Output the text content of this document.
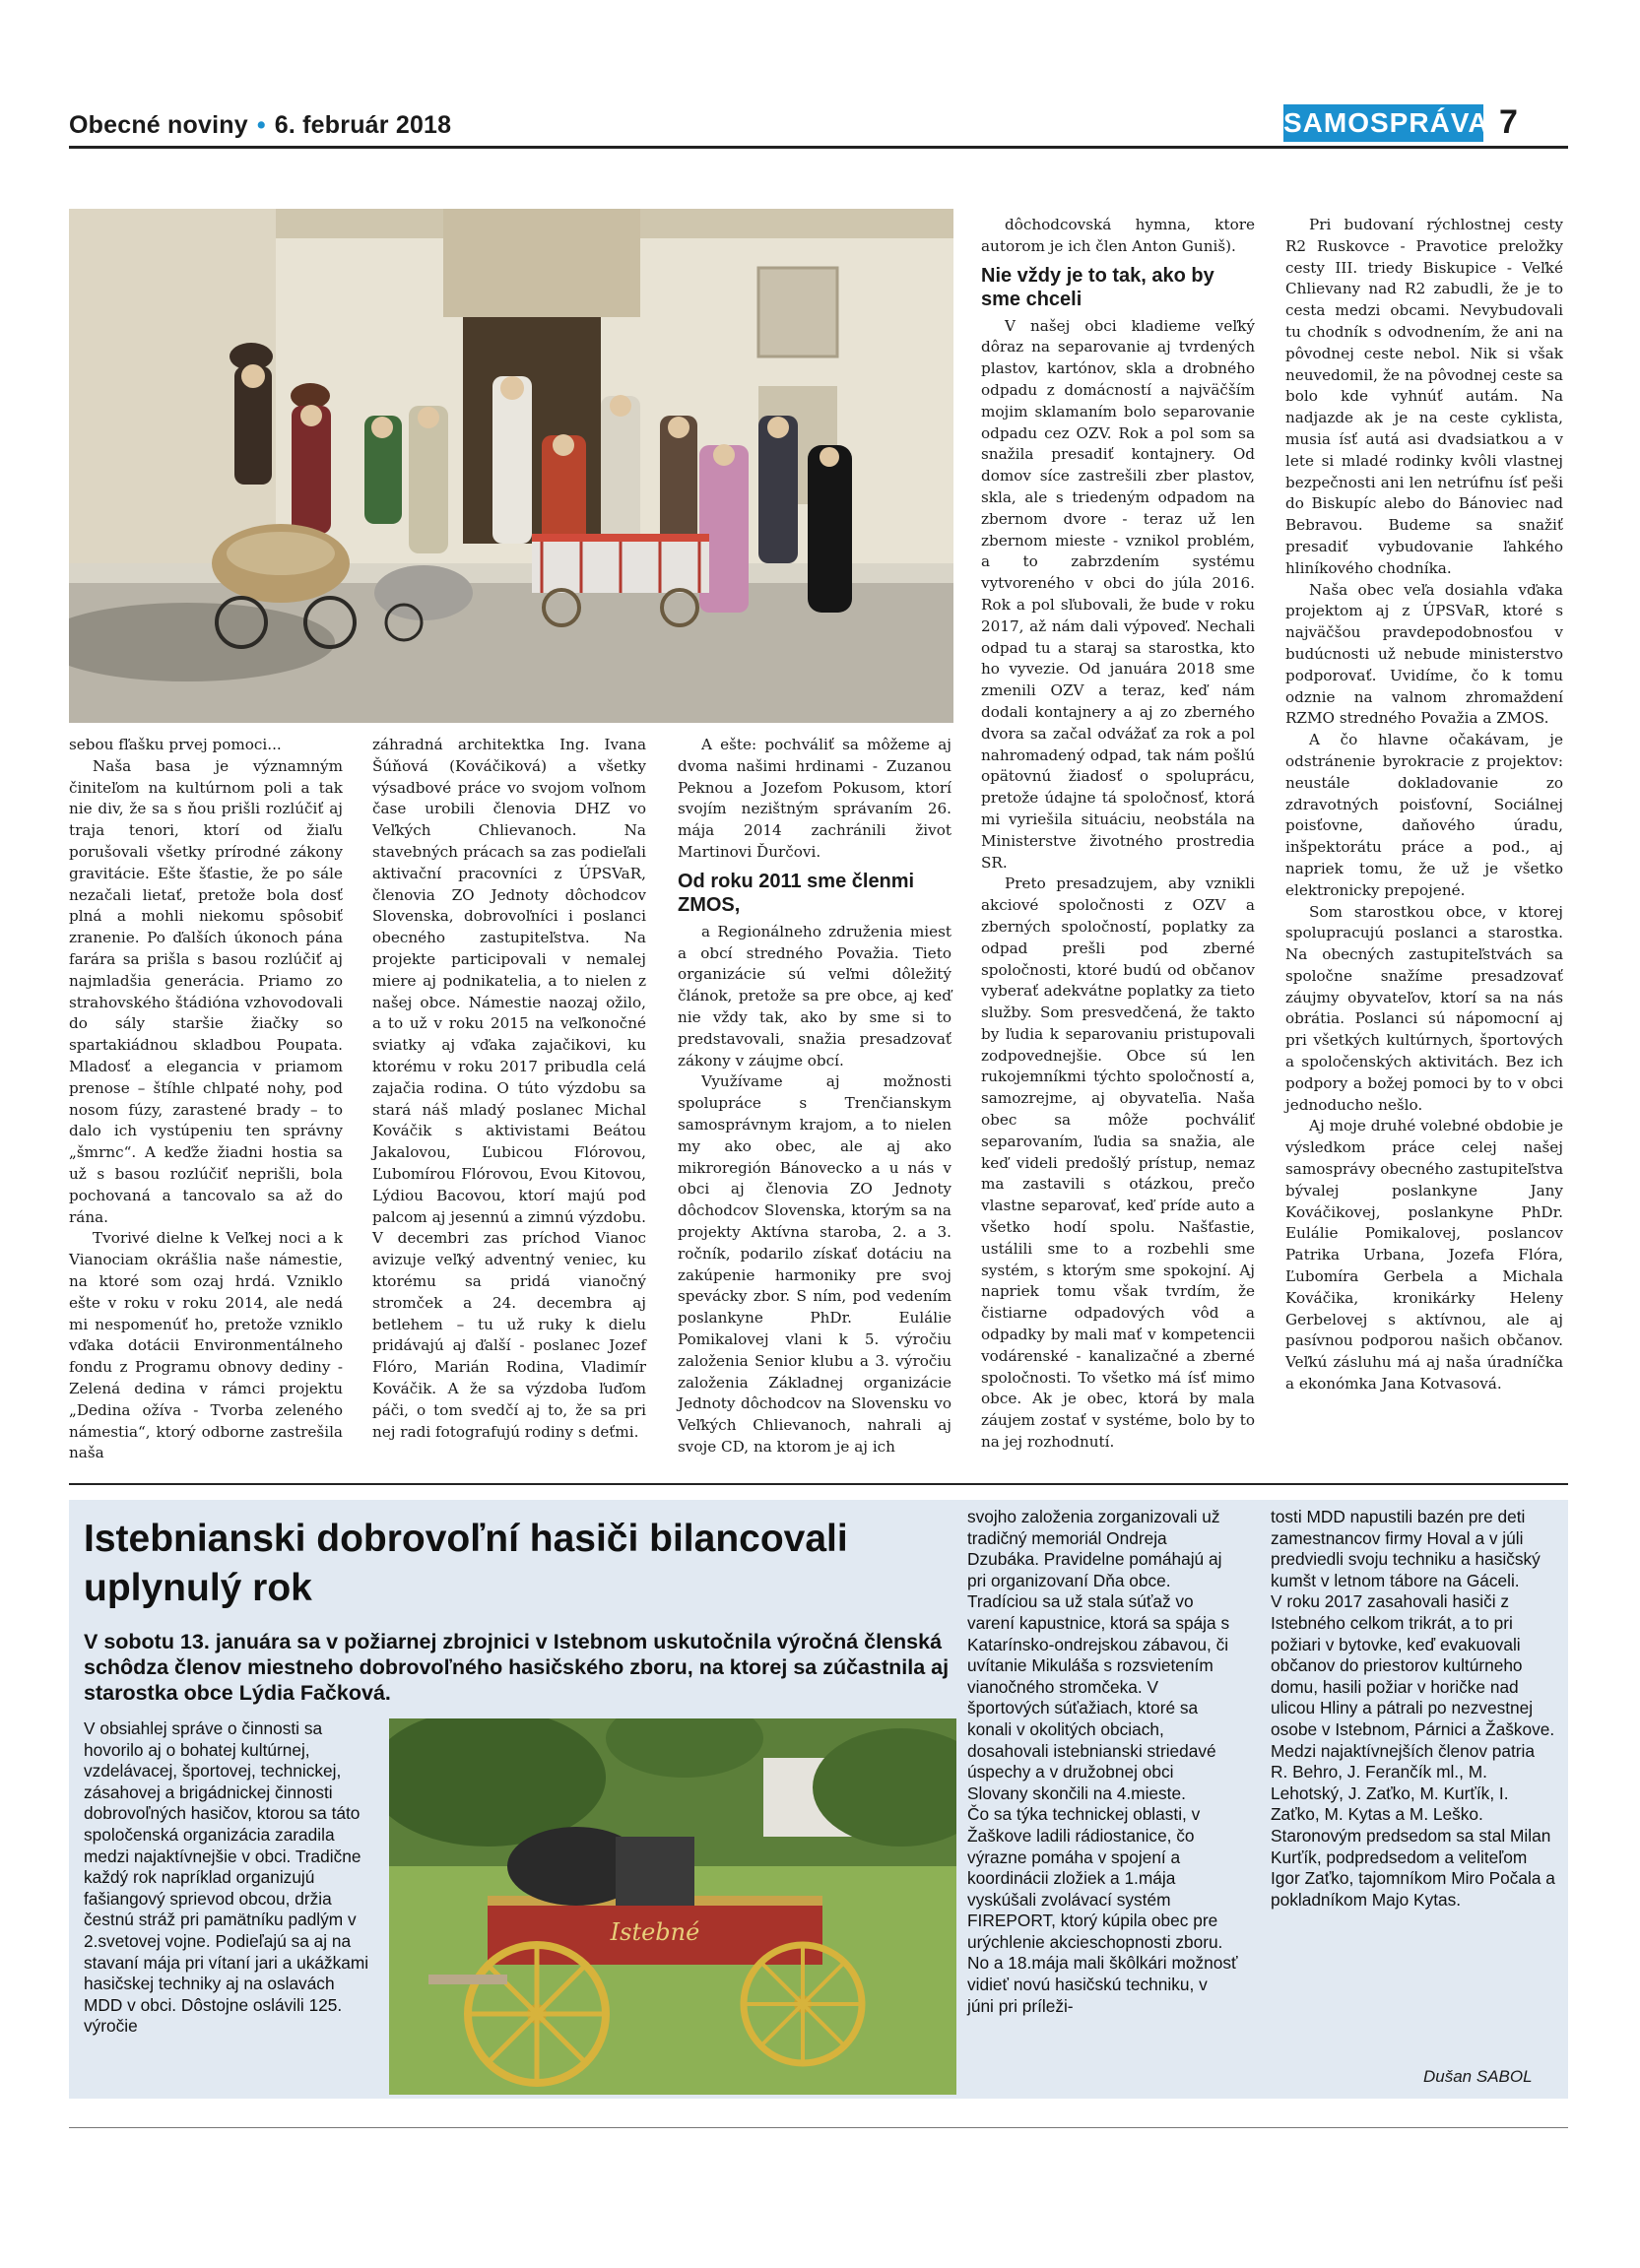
Obecné noviny • 6. február 2018	SAMOSPRÁVA 7

sebou fľašku prvej pomoci...

Naša basa je významným činiteľom na kultúrnom poli a tak nie div, že sa s ňou prišli rozlúčiť aj traja tenori, ktorí od žiaľu porušovali všetky prírodné zákony gravitácie. Ešte šťastie, že po sále nezačali lietať, pretože bola dosť plná a mohli niekomu spôsobiť zranenie. Po ďalších úkonoch pána farára sa prišla s basou rozlúčiť aj najmladšia generácia. Priamo zo strahovského štádióna vzhovodovali do sály staršie žiačky so spartakiádnou skladbou Poupata. Mladosť a elegancia v priamom prenose – štíhle chlpaté nohy, pod nosom fúzy, zarastené brady – to dalo ich vystúpeniu ten správny „šmrnc“. A keďže žiadni hostia sa už s basou rozlúčiť neprišli, bola pochovaná a tancovalo sa až do rána.

Tvorivé dielne k Veľkej noci a k Vianociam okrášlia naše námestie, na ktoré som ozaj hrdá. Vzniklo ešte v roku v roku 2014, ale nedá mi nespomenúť ho, pretože vzniklo vďaka dotácii Environmentálneho fondu z Programu obnovy dediny - Zelená dedina v rámci projektu „Dedina ožíva - Tvorba zeleného námestia“, ktorý odborne zastrešila naša

záhradná architektka Ing. Ivana Šúňová (Kováčiková) a všetky výsadbové práce vo svojom voľnom čase urobili členovia DHZ vo Veľkých Chlievanoch. Na stavebných prácach sa zas podieľali aktivační pracovníci z ÚPSVaR, členovia ZO Jednoty dôchodcov Slovenska, dobrovoľníci i poslanci obecného zastupiteľstva. Na projekte participovali v nemalej miere aj podnikatelia, a to nielen z našej obce. Námestie naozaj ožilo, a to už v roku 2015 na veľkonočné sviatky aj vďaka zajačikovi, ku ktorému v roku 2017 pribudla celá zajačia rodina. O túto výzdobu sa stará náš mladý poslanec Michal Kováčik s aktivistami Beátou Jakalovou, Ľubicou Flórovou, Ľubomírou Flórovou, Evou Kitovou, Lýdiou Bacovou, ktorí majú pod palcom aj jesennú a zimnú výzdobu. V decembri zas príchod Vianoc avizuje veľký adventný veniec, ku ktorému sa pridá vianočný stromček a 24. decembra aj betlehem – tu už ruky k dielu pridávajú aj ďalší - poslanec Jozef Flóro, Marián Rodina, Vladimír Kováčik. A že sa výzdoba ľuďom páči, o tom svedčí aj to, že sa pri nej radi fotografujú rodiny s deťmi.

A ešte: pochváliť sa môžeme aj dvoma našimi hrdinami - Zuzanou Peknou a Jozefom Pokusom, ktorí svojím nezištným správaním 26. mája 2014 zachránili život Martinovi Ďurčovi.

Od roku 2011 sme členmi ZMOS,

a Regionálneho združenia miest a obcí stredného Považia. Tieto organizácie sú veľmi dôležitý článok, pretože sa pre obce, aj keď nie vždy tak, ako by sme si to predstavovali, snažia presadzovať zákony v záujme obcí.

Využívame aj možnosti spolupráce s Trenčianskym samosprávnym krajom, a to nielen my ako obec, ale aj ako mikroregión Bánovecko a u nás v obci aj členovia ZO Jednoty dôchodcov Slovenska, ktorým sa na projekty Aktívna staroba, 2. a 3. ročník, podarilo získať dotáciu na zakúpenie harmoniky pre svoj spevácky zbor. S ním, pod vedením poslankyne PhDr. Eulálie Pomikalovej vlani k 5. výročiu založenia Senior klubu a 3. výročiu založenia Základnej organizácie Jednoty dôchodcov na Slovensku vo Veľkých Chlievanoch, nahrali aj svoje CD, na ktorom je aj ich

dôchodcovská hymna, ktore autorom je ich člen Anton Guniš).

Nie vždy je to tak, ako by sme chceli

V našej obci kladieme veľký dôraz na separovanie aj tvrdených plastov, kartónov, skla a drobného odpadu z domácností a najväčším mojim sklamaním bolo separovanie odpadu cez OZV. Rok a pol som sa snažila presadiť kontajnery. Od domov síce zastrešili zber plastov, skla, ale s triedeným odpadom na zbernom dvore - teraz už len zbernom mieste - vznikol problém, a to zabrzdením systému vytvoreného v obci do júla 2016. Rok a pol sľubovali, že bude v roku 2017, až nám dali výpoveď. Nechali odpad tu a staraj sa starostka, kto ho vyvezie. Od januára 2018 sme zmenili OZV a teraz, keď nám dodali kontajnery a aj zo zberného dvora sa začal odvážať za rok a pol nahromadený odpad, tak nám pošlú opätovnú žiadosť o spoluprácu, pretože údajne tá spoločnosť, ktorá mi vyriešila situáciu, neobstála na Ministerstve životného prostredia SR.

Preto presadzujem, aby vznikli akciové spoločnosti z OZV a zberných spoločností, poplatky za odpad prešli pod zberné spoločnosti, ktoré budú od občanov vyberať adekvátne poplatky za tieto služby. Som presvedčená, že takto by ľudia k separovaniu pristupovali zodpovednejšie. Obce sú len rukojemníkmi týchto spoločností a, samozrejme, aj obyvateľia. Naša obec sa môže pochváliť separovaním, ľudia sa snažia, ale keď videli predošlý prístup, nemaz ma zastavili s otázkou, prečo vlastne separovať, keď príde auto a všetko hodí spolu. Našťastie, ustálili sme to a rozbehli sme systém, s ktorým sme spokojní. Aj napriek tomu však tvrdím, že čistiarne odpadových vôd a odpadky by mali mať v kompetencii vodárenské - kanalizačné a zberné spoločnosti. To všetko má ísť mimo obce. Ak je obec, ktorá by mala záujem zostať v systéme, bolo by to na jej rozhodnutí.

Pri budovaní rýchlostnej cesty R2 Ruskovce - Pravotice preložky cesty III. triedy Biskupice - Veľké Chlievany nad R2 zabudli, že je to cesta medzi obcami. Nevybudovali tu chodník s odvodnením, že ani na pôvodnej ceste nebol. Nik si však neuvedomil, že na pôvodnej ceste sa bolo kde vyhnúť autám. Na nadjazde ak je na ceste cyklista, musia ísť autá asi dvadsiatkou a v lete si mladé rodinky kvôli vlastnej bezpečnosti ani len netrúfnu ísť peši do Biskupíc alebo do Bánoviec nad Bebravou. Budeme sa snažiť presadiť vybudovanie ľahkého hliníkového chodníka.

Naša obec veľa dosiahla vďaka projektom aj z ÚPSVaR, ktoré s najväčšou pravdepodobnosťou v budúcnosti už nebude ministerstvo podporovať. Uvidíme, čo k tomu odznie na valnom zhromaždení RZMO stredného Považia a ZMOS.

A čo hlavne očakávam, je odstránenie byrokracie z projektov: neustále dokladovanie zo zdravotných poisťovní, Sociálnej poisťovne, daňového úradu, inšpektorátu práce a pod., aj napriek tomu, že už je všetko elektronicky prepojené.

Som starostkou obce, v ktorej spolupracujú poslanci a starostka. Na obecných zastupiteľstvách sa spoločne snažíme presadzovať záujmy obyvateľov, ktorí sa na nás obrátia. Poslanci sú nápomocní aj pri všetkých kultúrnych, športových a spoločenských aktivitách. Bez ich podpory a božej pomoci by to v obci jednoducho nešlo.

Aj moje druhé volebné obdobie je výsledkom práce celej našej samosprávy obecného zastupiteľstva bývalej poslankyne Jany Kováčikovej, poslankyne PhDr. Eulálie Pomikalovej, poslancov Patrika Urbana, Jozefa Flóra, Ľubomíra Gerbela a Michala Kováčika, kronikárky Heleny Gerbelovej s aktívnou, ale aj pasívnou podporou našich občanov. Veľkú zásluhu má aj naša úradníčka a ekonómka Jana Kotvasová.

Istebnianski dobrovoľní hasiči bilancovali uplynulý rok
V sobotu 13. januára sa v požiarnej zbrojnici v Istebnom uskutočnila výročná členská schôdza členov miestneho dobrovoľného hasičského zboru, na ktorej sa zúčastnila aj starostka obce Lýdia Fačková.

V obsiahlej správe o činnosti sa hovorilo aj o bohatej kultúrnej, vzdelávacej, športovej, technickej, zásahovej a brigádnickej činnosti dobrovoľných hasičov, ktorou sa táto spoločenská organizácia zaradila medzi najaktívnejšie v obci. Tradične každý rok napríklad organizujú fašiangový sprievod obcou, držia čestnú stráž pri pamätníku padlým v 2.svetovej vojne. Podieľajú sa aj na stavaní mája pri vítaní jari a ukážkami hasičskej techniky aj na oslavách MDD v obci. Dôstojne oslávili 125. výročie

Istebné

svojho založenia zorganizovali už tradičný memoriál Ondreja Dzubáka. Pravidelne pomáhajú aj pri organizovaní Dňa obce. Tradíciou sa už stala súťaž vo varení kapustnice, ktorá sa spája s Katarínsko-ondrejskou zábavou, či uvítanie Mikuláša s rozsvietením vianočného stromčeka. V športových súťažiach, ktoré sa konali v okolitých obciach, dosahovali istebnianski striedavé úspechy a v družobnej obci Slovany skončili na 4.mieste.

Čo sa týka technickej oblasti, v Žaškove ladili rádiostanice, čo výrazne pomáha v spojení a koordinácii zložiek a 1.mája vyskúšali zvolávací systém FIREPORT, ktorý kúpila obec pre urýchlenie akcieschopnosti zboru. No a 18.mája mali škôlkári možnosť vidieť novú hasičskú techniku, v júni pri príleži-

tosti MDD napustili bazén pre deti zamestnancov firmy Hoval a v júli predviedli svoju techniku a hasičský kumšt v letnom tábore na Gáceli.

V roku 2017 zasahovali hasiči z Istebného celkom trikrát, a to pri požiari v bytovke, keď evakuovali občanov do priestorov kultúrneho domu, hasili požiar v horičke nad ulicou Hliny a pátrali po nezvestnej osobe v Istebnom, Párnici a Žaškove. Medzi najaktívnejších členov patria R. Behro, J. Ferančík ml., M. Lehotský, J. Zaťko, M. Kurťík, I. Zaťko, M. Kytas a M. Leško.

Staronovým predsedom sa stal Milan Kurťík, podpredsedom a veliteľom Igor Zaťko, tajomníkom Miro Počala a pokladníkom Majo Kytas.

Dušan SABOL
